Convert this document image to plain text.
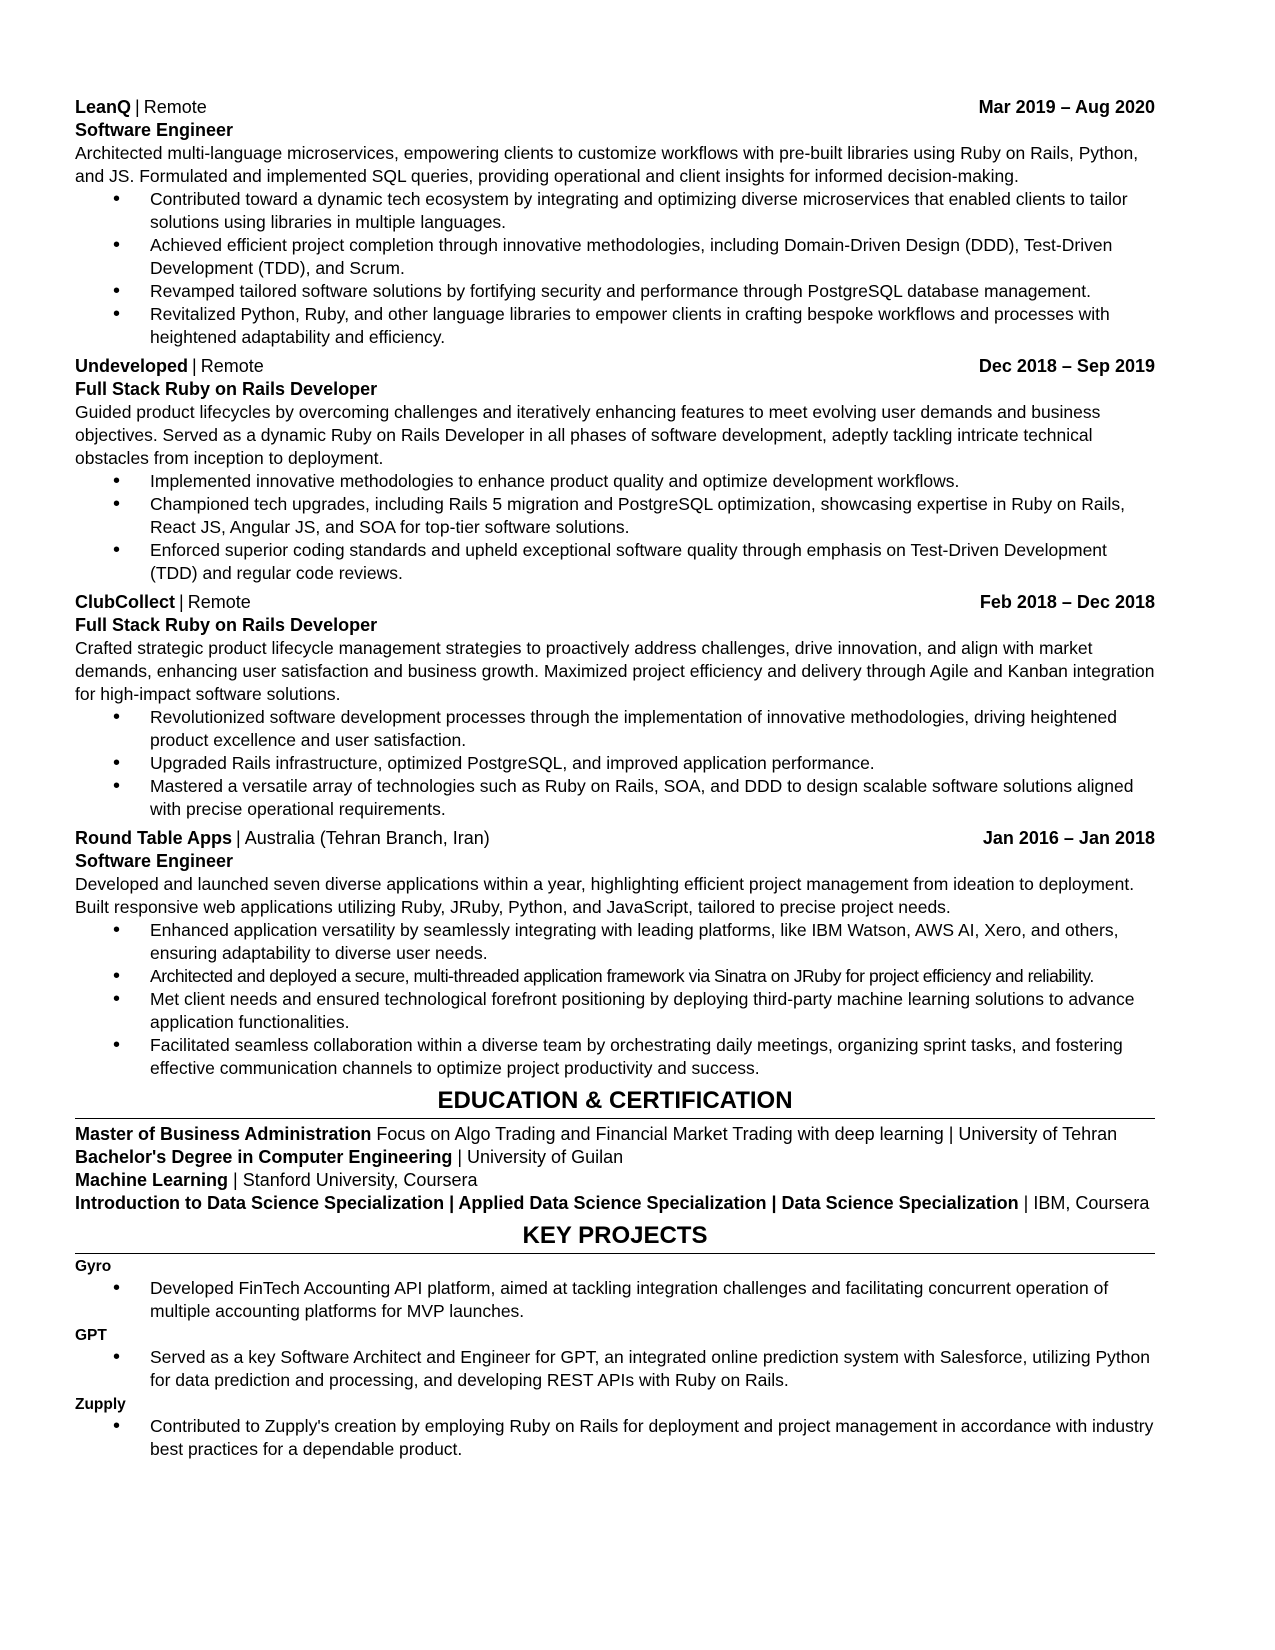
LeanQ | Remote	Mar 2019 – Aug 2020
Software Engineer

Architected multi-language microservices, empowering clients to customize workflows with pre-built libraries using Ruby on Rails, Python, and JS. Formulated and implemented SQL queries, providing operational and client insights for informed decision-making.

• Contributed toward a dynamic tech ecosystem by integrating and optimizing diverse microservices that enabled clients to tailor solutions using libraries in multiple languages.
• Achieved efficient project completion through innovative methodologies, including Domain-Driven Design (DDD), Test-Driven Development (TDD), and Scrum.
• Revamped tailored software solutions by fortifying security and performance through PostgreSQL database management.
• Revitalized Python, Ruby, and other language libraries to empower clients in crafting bespoke workflows and processes with heightened adaptability and efficiency.
Undeveloped | Remote	Dec 2018 – Sep 2019
Full Stack Ruby on Rails Developer

Guided product lifecycles by overcoming challenges and iteratively enhancing features to meet evolving user demands and business objectives. Served as a dynamic Ruby on Rails Developer in all phases of software development, adeptly tackling intricate technical obstacles from inception to deployment.

• Implemented innovative methodologies to enhance product quality and optimize development workflows.
• Championed tech upgrades, including Rails 5 migration and PostgreSQL optimization, showcasing expertise in Ruby on Rails, React JS, Angular JS, and SOA for top-tier software solutions.
• Enforced superior coding standards and upheld exceptional software quality through emphasis on Test-Driven Development (TDD) and regular code reviews.
ClubCollect | Remote	Feb 2018 – Dec 2018
Full Stack Ruby on Rails Developer

Crafted strategic product lifecycle management strategies to proactively address challenges, drive innovation, and align with market demands, enhancing user satisfaction and business growth. Maximized project efficiency and delivery through Agile and Kanban integration for high-impact software solutions.

• Revolutionized software development processes through the implementation of innovative methodologies, driving heightened product excellence and user satisfaction.
• Upgraded Rails infrastructure, optimized PostgreSQL, and improved application performance.
• Mastered a versatile array of technologies such as Ruby on Rails, SOA, and DDD to design scalable software solutions aligned with precise operational requirements.
Round Table Apps | Australia (Tehran Branch, Iran)	Jan 2016 – Jan 2018
Software Engineer

Developed and launched seven diverse applications within a year, highlighting efficient project management from ideation to deployment. Built responsive web applications utilizing Ruby, JRuby, Python, and JavaScript, tailored to precise project needs.

• Enhanced application versatility by seamlessly integrating with leading platforms, like IBM Watson, AWS AI, Xero, and others, ensuring adaptability to diverse user needs.
• Architected and deployed a secure, multi-threaded application framework via Sinatra on JRuby for project efficiency and reliability.
• Met client needs and ensured technological forefront positioning by deploying third-party machine learning solutions to advance application functionalities.
• Facilitated seamless collaboration within a diverse team by orchestrating daily meetings, organizing sprint tasks, and fostering effective communication channels to optimize project productivity and success.
EDUCATION & CERTIFICATION
Master of Business Administration Focus on Algo Trading and Financial Market Trading with deep learning | University of Tehran
Bachelor's Degree in Computer Engineering | University of Guilan
Machine Learning | Stanford University, Coursera
Introduction to Data Science Specialization | Applied Data Science Specialization | Data Science Specialization | IBM, Coursera
KEY PROJECTS
Gyro
• Developed FinTech Accounting API platform, aimed at tackling integration challenges and facilitating concurrent operation of multiple accounting platforms for MVP launches.
GPT
• Served as a key Software Architect and Engineer for GPT, an integrated online prediction system with Salesforce, utilizing Python for data prediction and processing, and developing REST APIs with Ruby on Rails.
Zupply
• Contributed to Zupply's creation by employing Ruby on Rails for deployment and project management in accordance with industry best practices for a dependable product.
